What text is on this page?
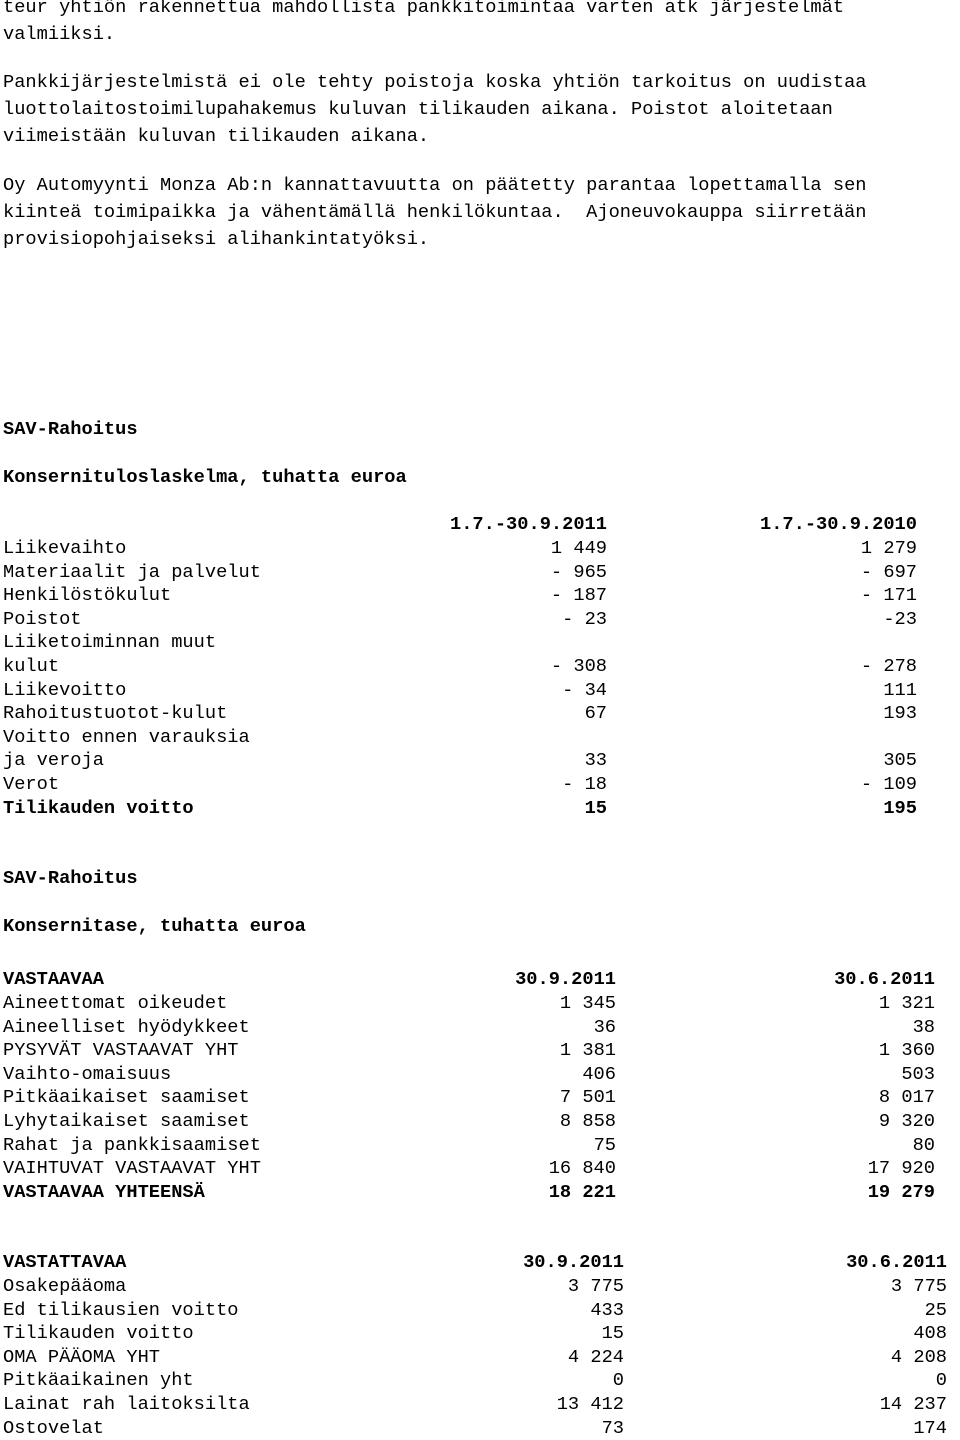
teur yhtiön rakennettua mahdollista pankkitoimintaa varten atk järjestelmät
valmiiksi.
Pankkijärjestelmistä ei ole tehty poistoja koska yhtiön tarkoitus on uudistaa
luottolaitostoimilupahakemus kuluvan tilikauden aikana. Poistot aloitetaan
viimeistään kuluvan tilikauden aikana.
Oy Automyynti Monza Ab:n kannattavuutta on päätetty parantaa lopettamalla sen
kiinteä toimipaikka ja vähentämällä henkilökuntaa.  Ajoneuvokauppa siirretään
provisiopohjaiseksi alihankintatyöksi.
SAV-Rahoitus
Konsernituloslaskelma, tuhatta euroa
1.7.-30.9.2011	1.7.-30.9.2010
Liikevaihto	1 449	1 279
Materiaalit ja palvelut	- 965	- 697
Henkilöstökulut	- 187	- 171
Poistot	- 23	-23
Liiketoiminnan muut
kulut	- 308	- 278
Liikevoitto	- 34	111
Rahoitustuotot-kulut	67	193
Voitto ennen varauksia
ja veroja	33	305
Verot	- 18	- 109
Tilikauden voitto	15	195
SAV-Rahoitus
Konsernitase, tuhatta euroa
VASTAAVAA	30.9.2011	30.6.2011
Aineettomat oikeudet	1 345	1 321
Aineelliset hyödykkeet	36	38
PYSYVÄT VASTAAVAT YHT	1 381	1 360
Vaihto-omaisuus	406	503
Pitkäaikaiset saamiset	7 501	8 017
Lyhytaikaiset saamiset	8 858	9 320
Rahat ja pankkisaamiset	75	80
VAIHTUVAT VASTAAVAT YHT	16 840	17 920
VASTAAVAA YHTEENSÄ	18 221	19 279
VASTATTAVAA	30.9.2011	30.6.2011
Osakepääoma	3 775	3 775
Ed tilikausien voitto	433	25
Tilikauden voitto	15	408
OMA PÄÄOMA YHT	4 224	4 208
Pitkäaikainen yht	0	0
Lainat rah laitoksilta	13 412	14 237
Ostovelat	73	174
